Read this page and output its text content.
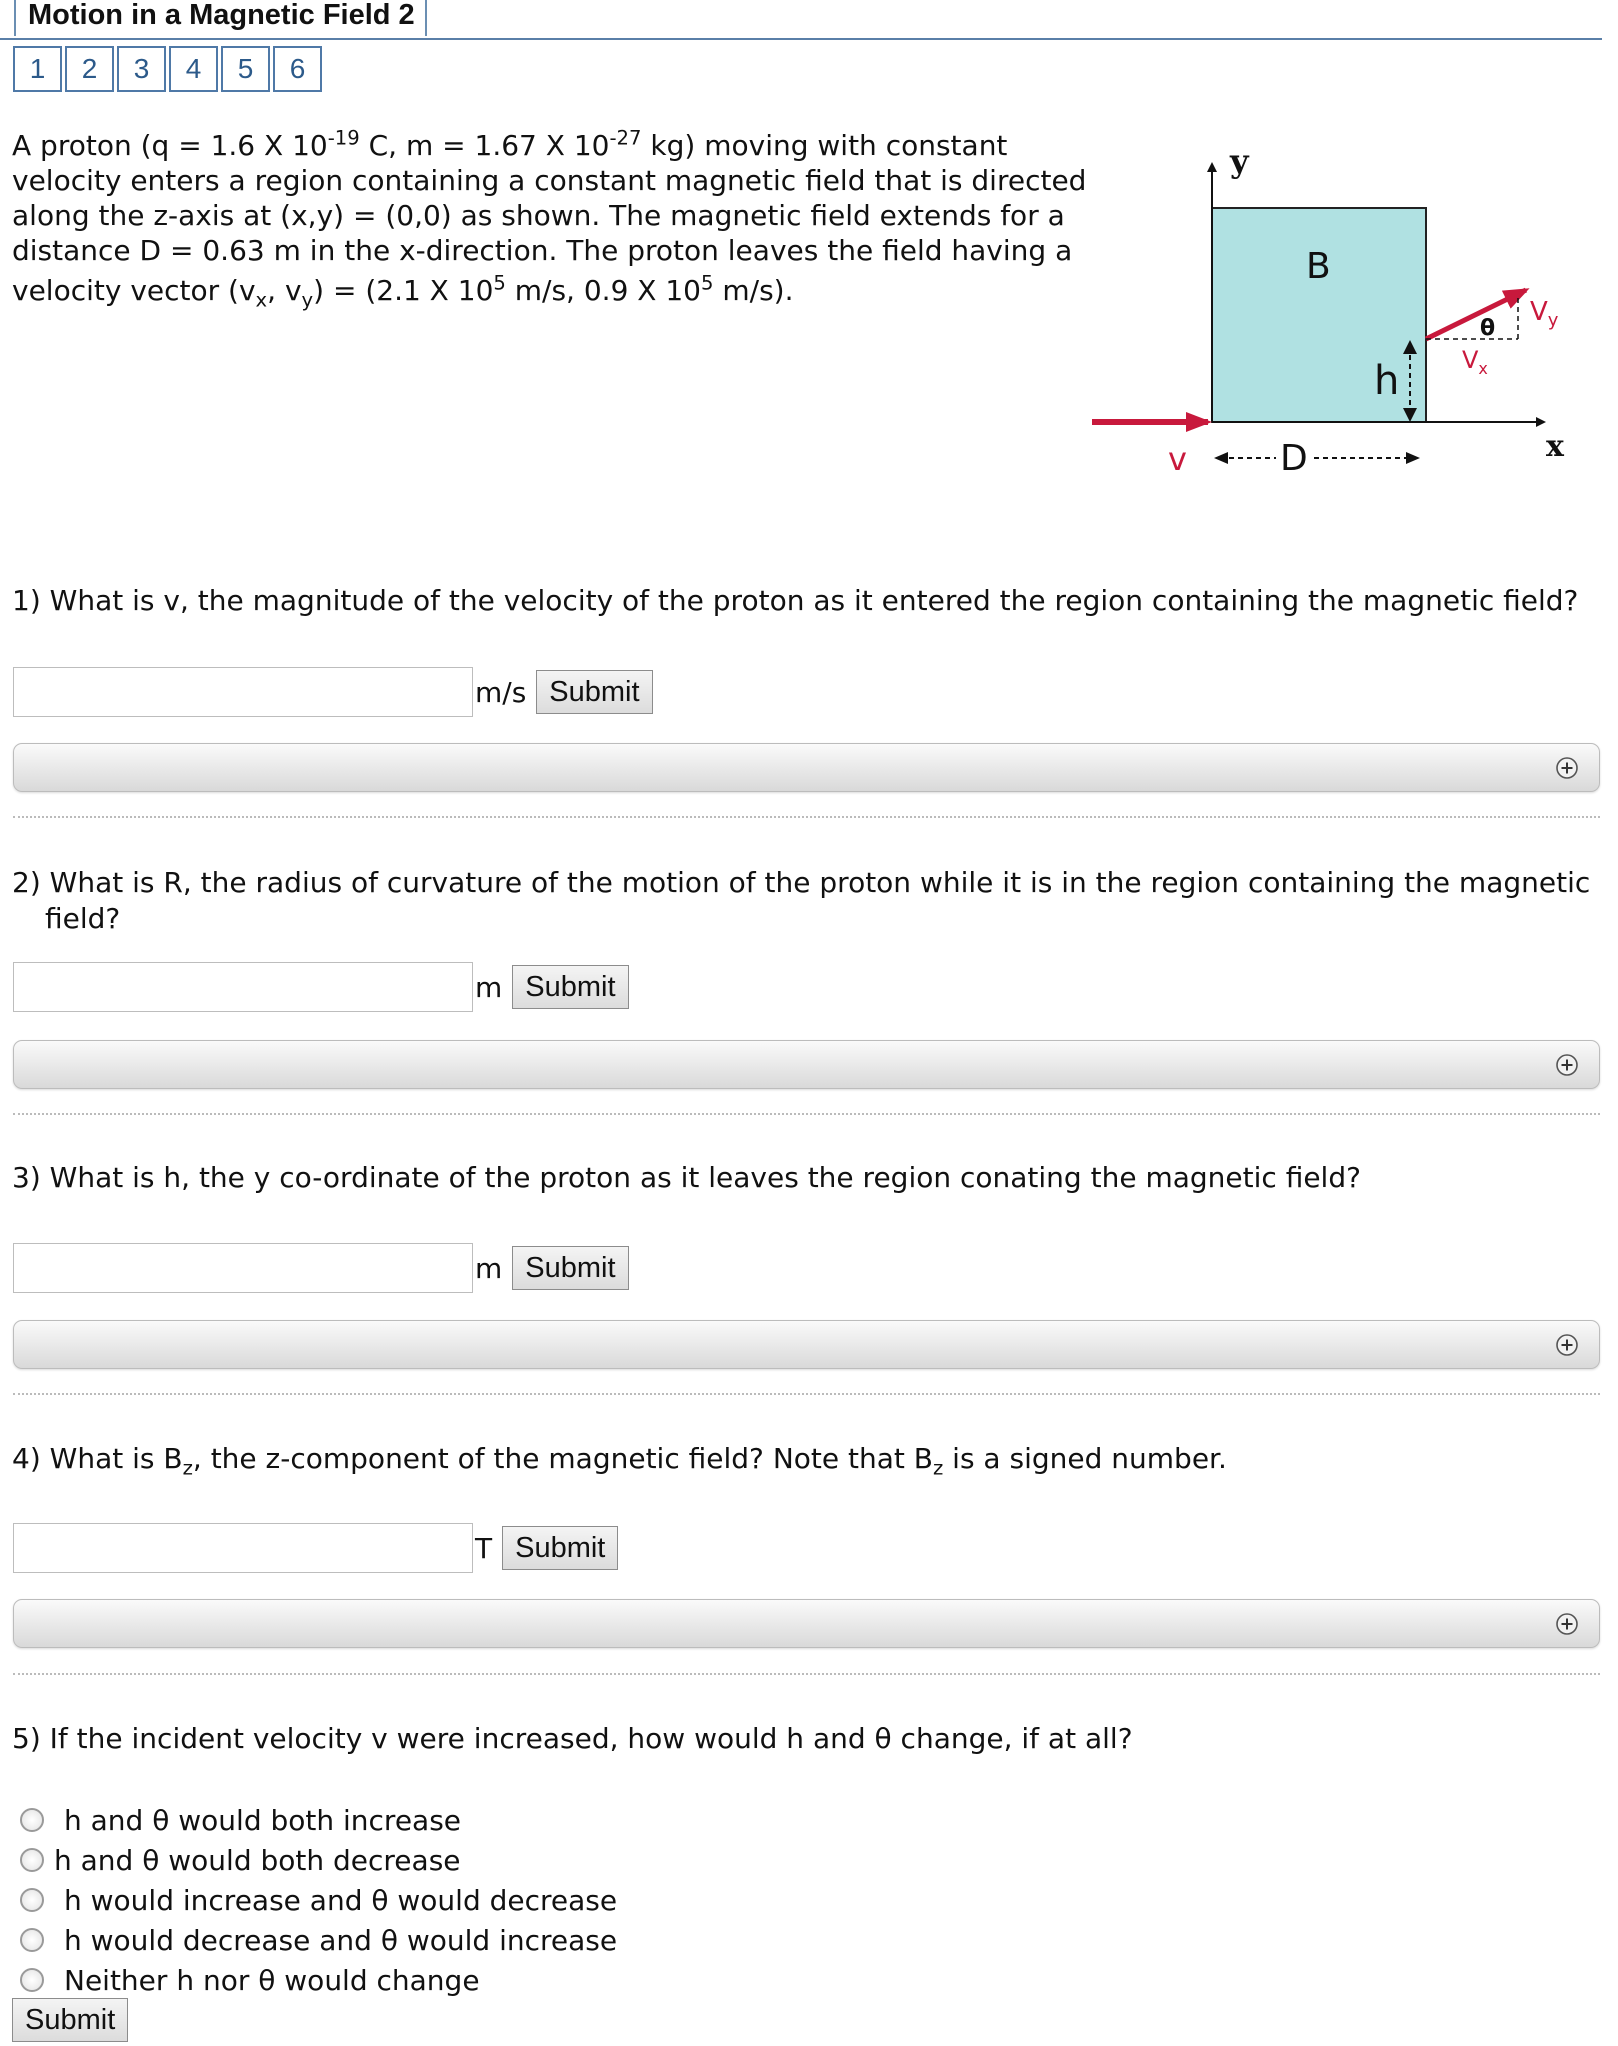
Motion in a Magnetic Field 2
1	2	3	4	5	6
A proton (q = 1.6 X $10^{-19}$ C, m = 1.67 X $10^{-27}$ kg) moving with constant
velocity enters a region containing a constant magnetic field that is directed
along the z-axis at (x,y) = (0,0) as shown. The magnetic field extends for a
distance D = 0.63 m in the x-direction. The proton leaves the field having a
velocity vector ($v_x$, $v_y) = (2.1$ X $10^5$ m/s, 0.9 X $10^5$ m/s).
y
x
B
h
D
v
θ
$V_x$
$V_y$
1) What is v, the magnitude of the velocity of the proton as it entered the region containing the magnetic field?
m/s Submit
2) What is R, the radius of curvature of the motion of the proton while it is in the region containing the magnetic
field?
m Submit
3) What is h, the y co-ordinate of the proton as it leaves the region conating the magnetic field?
m Submit
4) What is $B_z$, the z-component of the magnetic field? Note that $B_z$ is a signed number.
T Submit
5) If the incident velocity v were increased, how would h and θ change, if at all?
h and θ would both increase
h and θ would both decrease
h would increase and θ would decrease
h would decrease and θ would increase
Neither h nor θ would change
Submit
